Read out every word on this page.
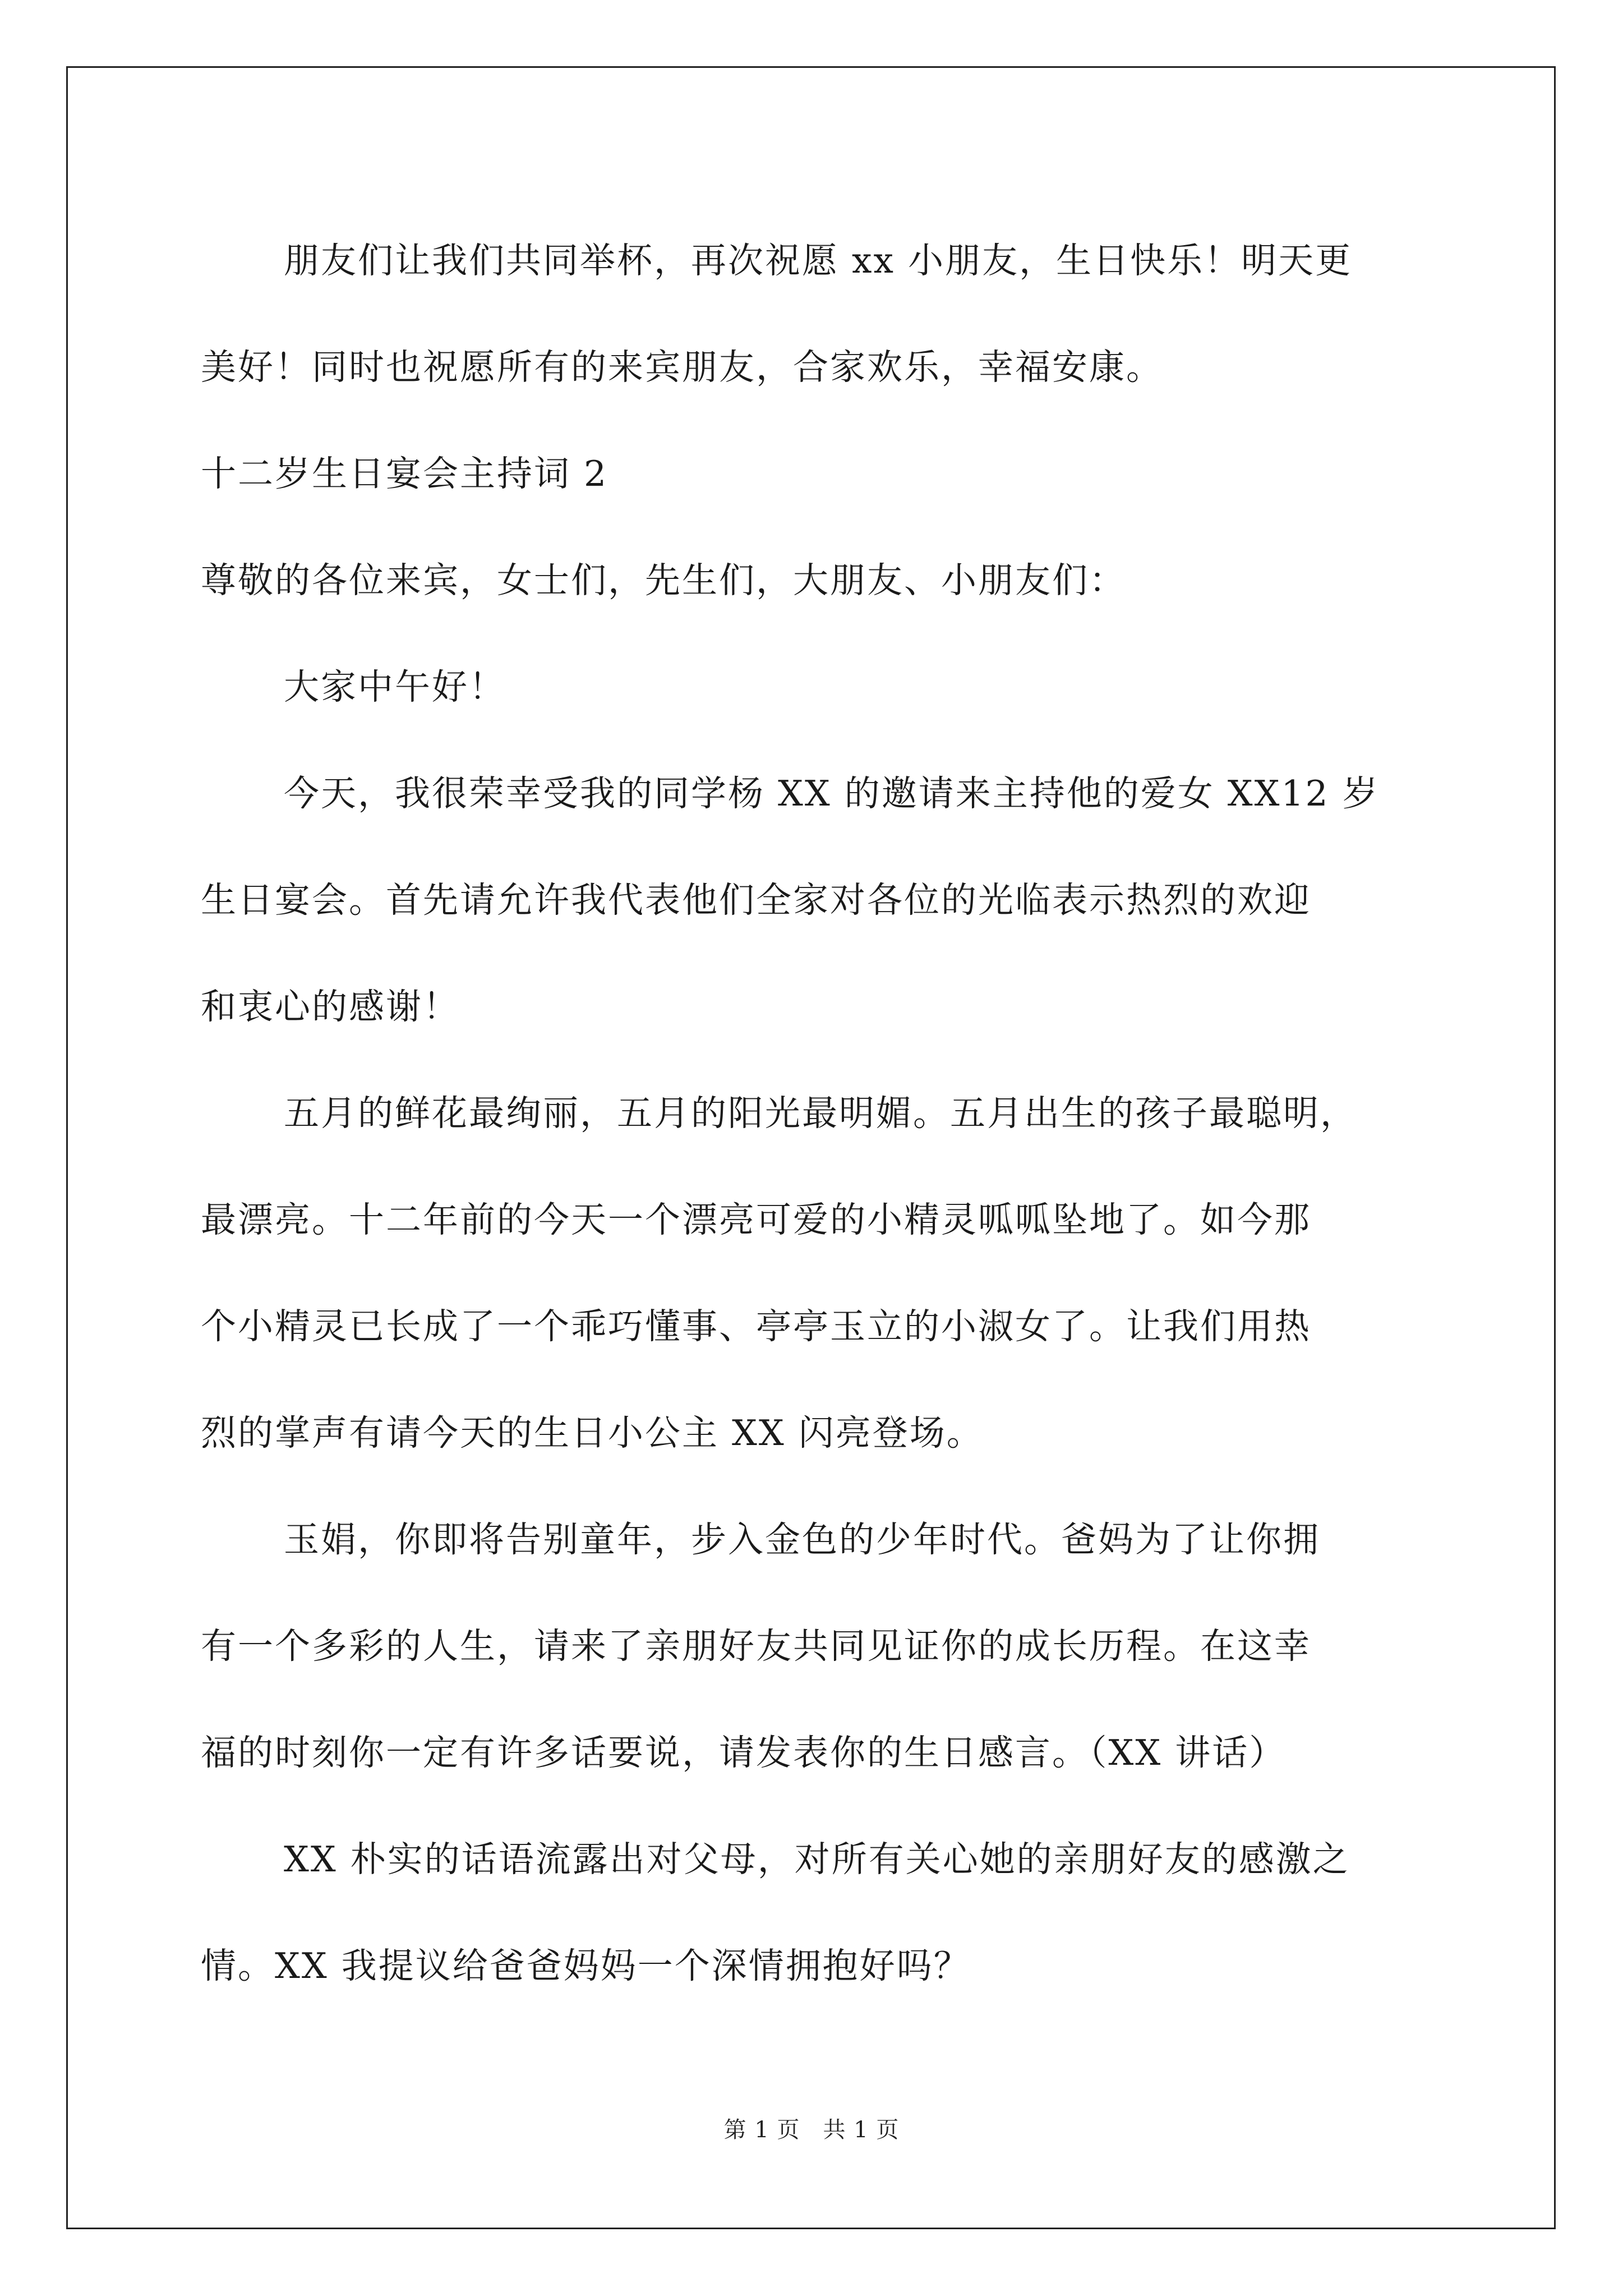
朋友们让我们共同举杯，再次祝愿 xx 小朋友，生日快乐！明天更
美好！同时也祝愿所有的来宾朋友，合家欢乐，幸福安康。
十二岁生日宴会主持词 2
尊敬的各位来宾，女士们，先生们，大朋友、小朋友们：
大家中午好！
今天，我很荣幸受我的同学杨 XX 的邀请来主持他的爱女 XX12 岁
生日宴会。首先请允许我代表他们全家对各位的光临表示热烈的欢迎
和衷心的感谢！
五月的鲜花最绚丽，五月的阳光最明媚。五月出生的孩子最聪明，
最漂亮。十二年前的今天一个漂亮可爱的小精灵呱呱坠地了。如今那
个小精灵已长成了一个乖巧懂事、亭亭玉立的小淑女了。让我们用热
烈的掌声有请今天的生日小公主 XX 闪亮登场。
玉娟，你即将告别童年，步入金色的少年时代。爸妈为了让你拥
有一个多彩的人生，请来了亲朋好友共同见证你的成长历程。在这幸
福的时刻你一定有许多话要说，请发表你的生日感言。（XX 讲话）
XX 朴实的话语流露出对父母，对所有关心她的亲朋好友的感激之
情。XX 我提议给爸爸妈妈一个深情拥抱好吗？
第 1 页　共 1 页
